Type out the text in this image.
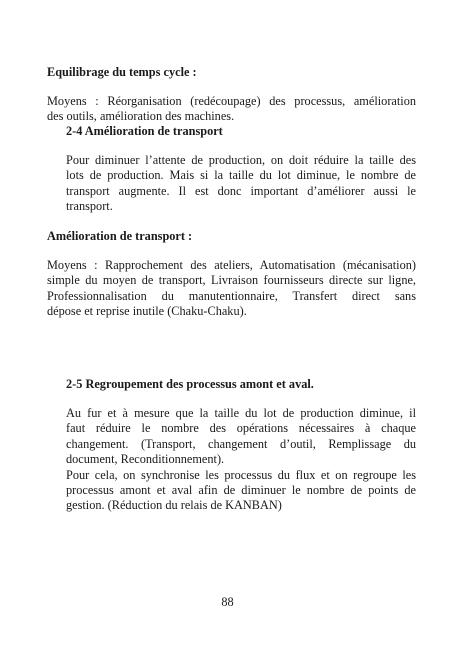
Equilibrage du temps cycle :
Moyens : Réorganisation (redécoupage) des processus, amélioration
des outils, amélioration des machines.
2-4 Amélioration de transport
Pour diminuer l’attente de production, on doit réduire la taille des
lots de production. Mais si la taille du lot diminue, le nombre de
transport augmente. Il est donc important d’améliorer aussi le
transport.
Amélioration de transport :
Moyens : Rapprochement des ateliers, Automatisation (mécanisation)
simple du moyen de transport, Livraison fournisseurs directe sur ligne,
Professionnalisation du manutentionnaire, Transfert direct sans
dépose et reprise inutile (Chaku-Chaku).
2-5 Regroupement des processus amont et aval.
Au fur et à mesure que la taille du lot de production diminue, il
faut réduire le nombre des opérations nécessaires à chaque
changement. (Transport, changement d’outil, Remplissage du
document, Reconditionnement).
Pour cela, on synchronise les processus du flux et on regroupe les
processus amont et aval afin de diminuer le nombre de points de
gestion. (Réduction du relais de KANBAN)
88
